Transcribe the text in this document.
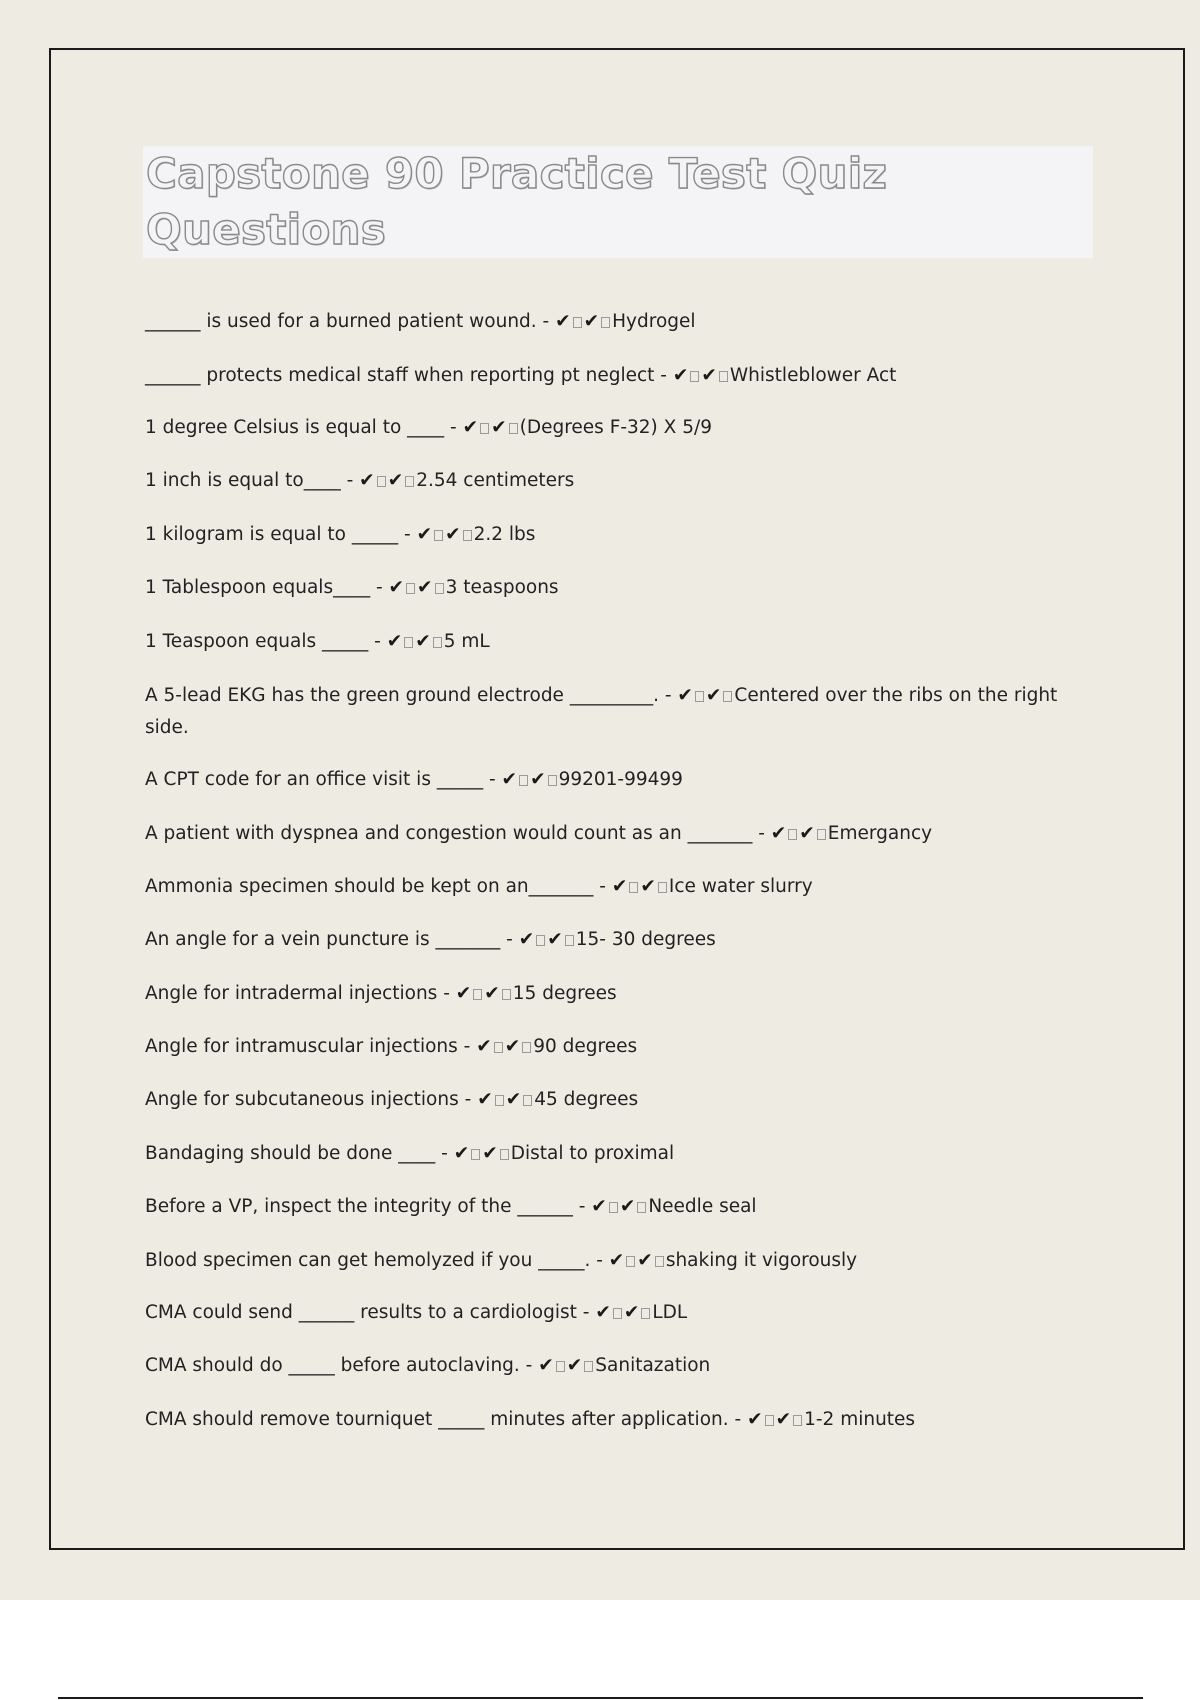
Capstone 90 Practice Test Quiz Questions
______ is used for a burned patient wound. - ✔ ✔ Hydrogel
______ protects medical staff when reporting pt neglect - ✔ ✔ Whistleblower Act
1 degree Celsius is equal to ____ - ✔ ✔ (Degrees F-32) X 5/9
1 inch is equal to____ - ✔ ✔ 2.54 centimeters
1 kilogram is equal to _____ - ✔ ✔ 2.2 lbs
1 Tablespoon equals____ - ✔ ✔ 3 teaspoons
1 Teaspoon equals _____ - ✔ ✔ 5 mL
A 5-lead EKG has the green ground electrode _________. - ✔ ✔ Centered over the ribs on the right side.
A CPT code for an office visit is _____ - ✔ ✔ 99201-99499
A patient with dyspnea and congestion would count as an _______ - ✔ ✔ Emergancy
Ammonia specimen should be kept on an_______ - ✔ ✔ Ice water slurry
An angle for a vein puncture is _______ - ✔ ✔ 15- 30 degrees
Angle for intradermal injections - ✔ ✔ 15 degrees
Angle for intramuscular injections - ✔ ✔ 90 degrees
Angle for subcutaneous injections - ✔ ✔ 45 degrees
Bandaging should be done ____ - ✔ ✔ Distal to proximal
Before a VP, inspect the integrity of the ______ - ✔ ✔ Needle seal
Blood specimen can get hemolyzed if you _____. - ✔ ✔ shaking it vigorously
CMA could send ______ results to a cardiologist - ✔ ✔ LDL
CMA should do _____ before autoclaving. - ✔ ✔ Sanitazation
CMA should remove tourniquet _____ minutes after application. - ✔ ✔ 1-2 minutes
